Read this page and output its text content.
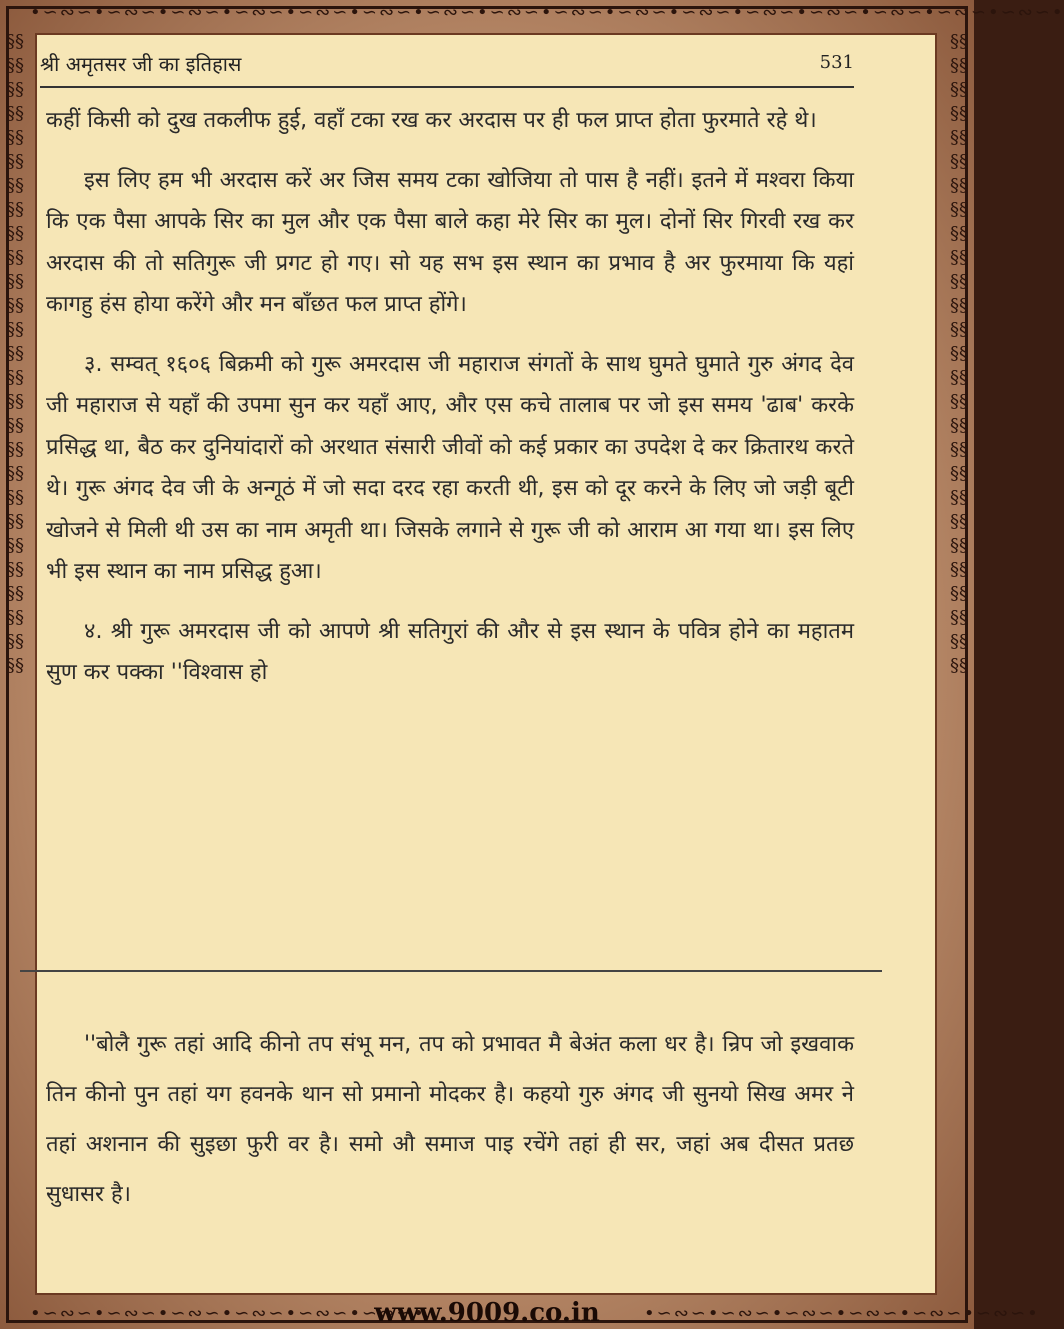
•∽∾∽•∽∾∽•∽∾∽•∽∾∽•∽∾∽•∽∾∽•∽∾∽•∽∾∽•∽∾∽•∽∾∽•∽∾∽•∽∾∽•∽∾∽•∽∾∽•∽∾∽•∽∾∽•
§§§§§§§§§§§§§§§§§§§§§§§§§§§§§§§§§§§§§§§§§§§§§§§§§§§§§§
§§§§§§§§§§§§§§§§§§§§§§§§§§§§§§§§§§§§§§§§§§§§§§§§§§§§§§
•∽∾∽•∽∾∽•∽∾∽•∽∾∽•∽∾∽•∽∾∽•	•∽∾∽•∽∾∽•∽∾∽•∽∾∽•∽∾∽•∽∾∽•
www.9009.co.in
श्री अमृतसर जी का इतिहास	531

कहीं किसी को दुख तकलीफ हुई, वहाँ टका रख कर अरदास पर ही फल प्राप्त होता फुरमाते रहे थे।

इस लिए हम भी अरदास करें अर जिस समय टका खोजिया तो पास है नहीं। इतने में मश्वरा किया कि एक पैसा आपके सिर का मुल और एक पैसा बाले कहा मेरे सिर का मुल। दोनों सिर गिरवी रख कर अरदास की तो सतिगुरू जी प्रगट हो गए। सो यह सभ इस स्थान का प्रभाव है अर फुरमाया कि यहां कागहु हंस होया करेंगे और मन बाँछत फल प्राप्त होंगे।

३. सम्वत् १६०६ बिक्रमी को गुरू अमरदास जी महाराज संगतों के साथ घुमते घुमाते गुरु अंगद देव जी महाराज से यहाँ की उपमा सुन कर यहाँ आए, और एस कचे तालाब पर जो इस समय 'ढाब' करके प्रसिद्ध था, बैठ कर दुनियांदारों को अरथात संसारी जीवों को कई प्रकार का उपदेश दे कर क्रितारथ करते थे। गुरू अंगद देव जी के अन्गूठं में जो सदा दरद रहा करती थी, इस को दूर करने के लिए जो जड़ी बूटी खोजने से मिली थी उस का नाम अमृती था। जिसके लगाने से गुरू जी को आराम आ गया था। इस लिए भी इस स्थान का नाम प्रसिद्ध हुआ।

४. श्री गुरू अमरदास जी को आपणे श्री सतिगुरां की और से इस स्थान के पवित्र होने का महातम सुण कर पक्का ''विश्वास हो

''बोलै गुरू तहां आदि कीनो तप संभू मन, तप को प्रभावत मै बेअंत कला धर है। न्रिप जो इखवाक तिन कीनो पुन तहां यग हवनके थान सो प्रमानो मोदकर है। कहयो गुरु अंगद जी सुनयो सिख अमर ने तहां अशनान की सुइछा फुरी वर है। समो औ समाज पाइ रचेंगे तहां ही सर, जहां अब दीसत प्रतछ सुधासर है।
